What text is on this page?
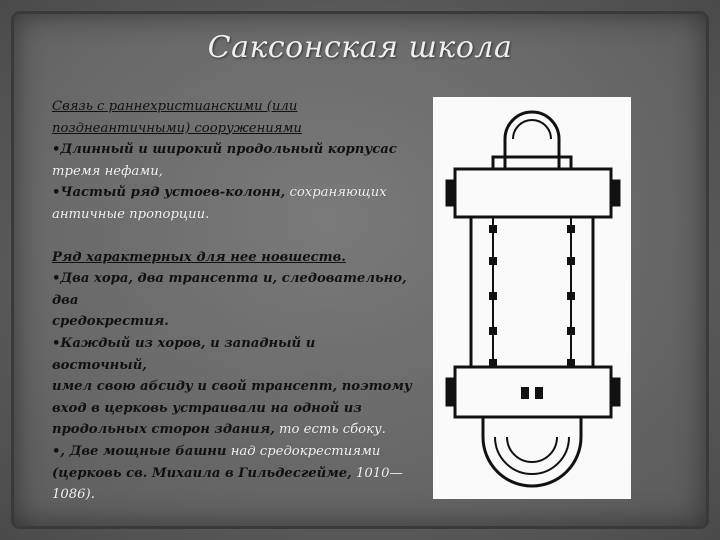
Саксонская школа

Связь с раннехристианскими (или

позднеантичными) сооружениями

•Длинный и широкий продольный корпусас

тремя нефами,

•Частый ряд устоев-колонн, сохраняющих

античные пропорции.

Ряд характерных для нее новшеств.

•Два хора, два трансепта и, следовательно, два

средокрестия.

•Каждый из хоров, и западный и восточный,

имел свою абсиду и свой трансепт, поэтому

вход в церковь устраивали на одной из

продольных сторон здания, то есть сбоку.

•, Две мощные башни над средокрестиями

(церковь св. Михаила в Гильдесгейме, 1010—

1086).
